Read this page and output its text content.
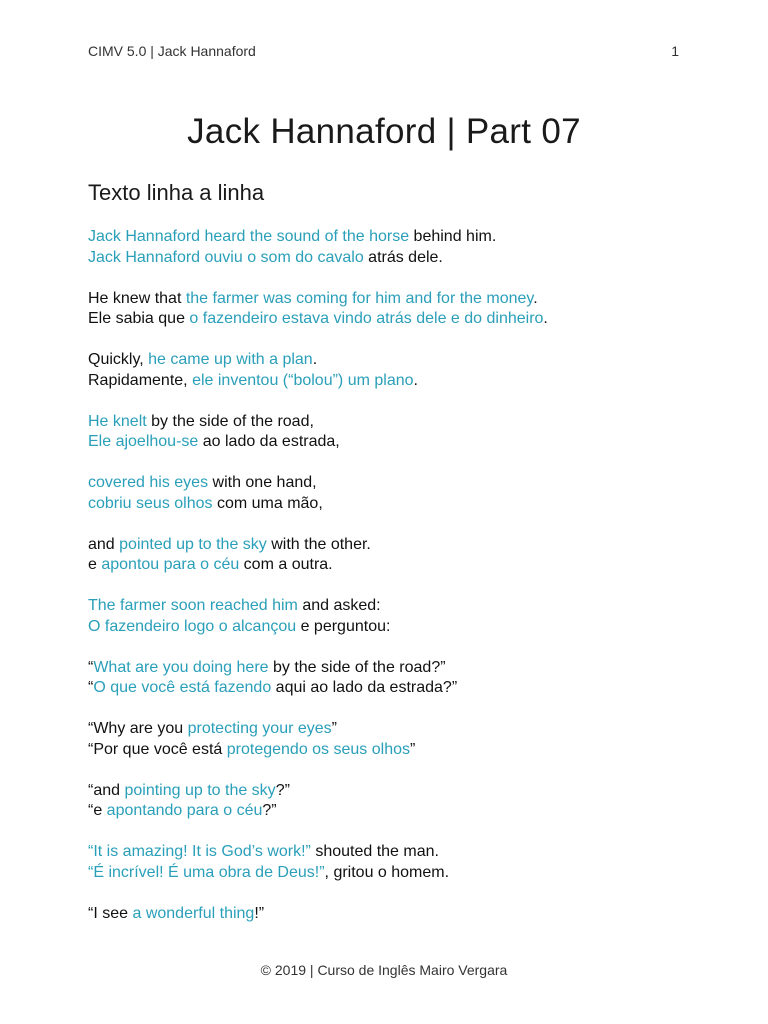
CIMV 5.0 | Jack Hannaford	1
Jack Hannaford | Part 07
Texto linha a linha
Jack Hannaford heard the sound of the horse behind him.
Jack Hannaford ouviu o som do cavalo atrás dele.
He knew that the farmer was coming for him and for the money.
Ele sabia que o fazendeiro estava vindo atrás dele e do dinheiro.
Quickly, he came up with a plan.
Rapidamente, ele inventou (“bolou”) um plano.
He knelt by the side of the road,
Ele ajoelhou-se ao lado da estrada,
covered his eyes with one hand,
cobriu seus olhos com uma mão,
and pointed up to the sky with the other.
e apontou para o céu com a outra.
The farmer soon reached him and asked:
O fazendeiro logo o alcançou e perguntou:
“What are you doing here by the side of the road?”
“O que você está fazendo aqui ao lado da estrada?”
“Why are you protecting your eyes”
“Por que você está protegendo os seus olhos”
“and pointing up to the sky?”
“e apontando para o céu?”
“It is amazing! It is God’s work!” shouted the man.
“É incrível! É uma obra de Deus!”, gritou o homem.
“I see a wonderful thing!”
© 2019 | Curso de Inglês Mairo Vergara
